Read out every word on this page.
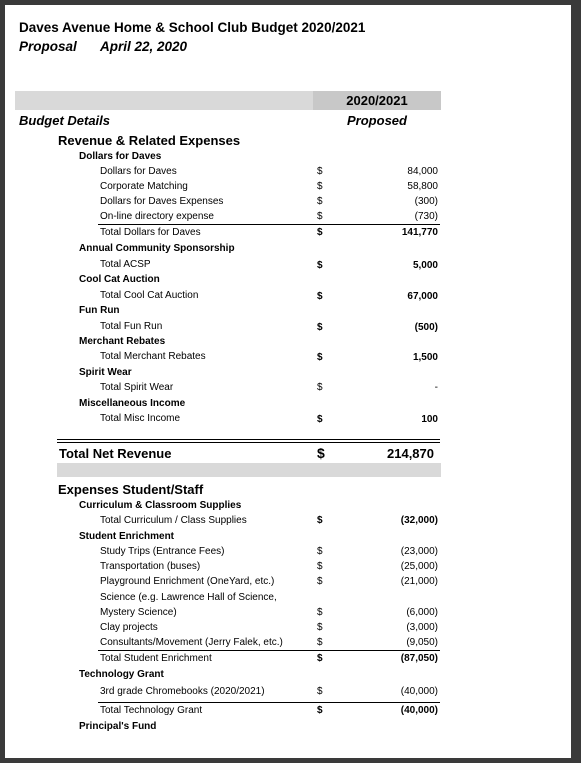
Daves Avenue Home & School Club Budget 2020/2021
Proposal April 22, 2020
2020/2021
Proposed
Budget Details
Revenue & Related Expenses
Dollars for Daves
Dollars for Daves	$	84,000
Corporate Matching	$	58,800
Dollars for Daves Expenses	$	(300)
On-line directory expense	$	(730)
Total Dollars for Daves	$	141,770
Annual Community Sponsorship
Total ACSP	$	5,000
Cool Cat Auction
Total Cool Cat Auction	$	67,000
Fun Run
Total Fun Run	$	(500)
Merchant Rebates
Total Merchant Rebates	$	1,500
Spirit Wear
Total Spirit Wear	$	-
Miscellaneous Income
Total Misc Income	$	100
Total Net Revenue	$	214,870
Expenses Student/Staff
Curriculum & Classroom Supplies
Total Curriculum / Class Supplies	$	(32,000)
Student Enrichment
Study Trips (Entrance Fees)	$	(23,000)
Transportation (buses)	$	(25,000)
Playground Enrichment (OneYard, etc.)	$	(21,000)
Science (e.g. Lawrence Hall of Science,
Mystery Science)	$	(6,000)
Clay projects	$	(3,000)
Consultants/Movement (Jerry Falek, etc.)	$	(9,050)
Total Student Enrichment	$	(87,050)
Technology Grant
3rd grade Chromebooks (2020/2021)	$	(40,000)
Total Technology Grant	$	(40,000)
Principal's Fund
